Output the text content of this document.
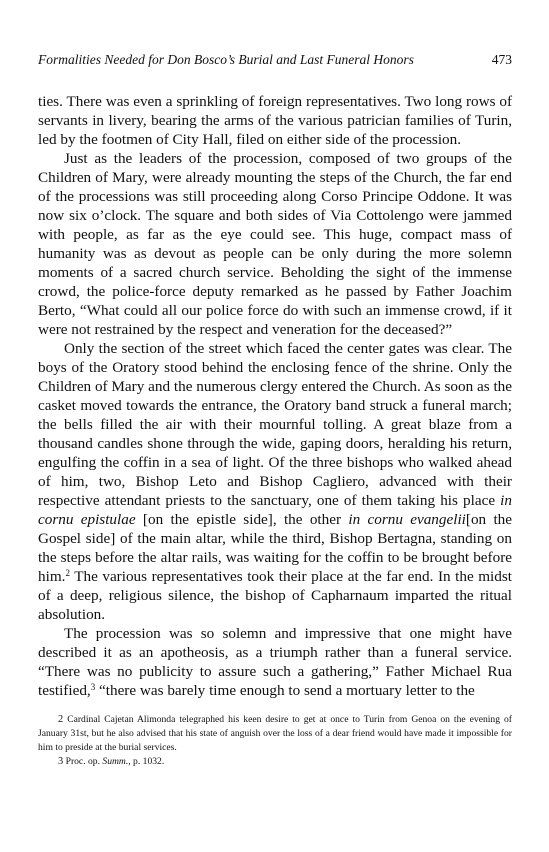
Formalities Needed for Don Bosco’s Burial and Last Funeral Honors	473

ties. There was even a sprinkling of foreign representatives. Two long rows of servants in livery, bearing the arms of the various patrician families of Turin, led by the footmen of City Hall, filed on either side of the procession.

Just as the leaders of the procession, composed of two groups of the Children of Mary, were already mounting the steps of the Church, the far end of the processions was still proceeding along Corso Principe Oddone. It was now six o’clock. The square and both sides of Via Cottolengo were jammed with people, as far as the eye could see. This huge, compact mass of humanity was as devout as people can be only during the more solemn moments of a sacred church service. Beholding the sight of the immense crowd, the police-force deputy remarked as he passed by Father Joachim Berto, “What could all our police force do with such an immense crowd, if it were not restrained by the respect and veneration for the deceased?”

Only the section of the street which faced the center gates was clear. The boys of the Oratory stood behind the enclosing fence of the shrine. Only the Children of Mary and the numerous clergy entered the Church. As soon as the casket moved towards the entrance, the Oratory band struck a funeral march; the bells filled the air with their mournful tolling. A great blaze from a thousand candles shone through the wide, gaping doors, heralding his return, engulfing the coffin in a sea of light. Of the three bishops who walked ahead of him, two, Bishop Leto and Bishop Cagliero, advanced with their respective attendant priests to the sanctuary, one of them taking his place in cornu epistulae [on the epistle side], the other in cornu evangelii[on the Gospel side] of the main altar, while the third, Bishop Bertagna, standing on the steps before the altar rails, was waiting for the coffin to be brought before him.$^2$ The various representatives took their place at the far end. In the midst of a deep, religious silence, the bishop of Capharnaum imparted the ritual absolution.

The procession was so solemn and impressive that one might have described it as an apotheosis, as a triumph rather than a funeral service. “There was no publicity to assure such a gathering,” Father Michael Rua testified,$^3$ “there was barely time enough to send a mortuary letter to the

2 Cardinal Cajetan Alimonda telegraphed his keen desire to get at once to Turin from Genoa on the evening of January 31st, but he also advised that his state of anguish over the loss of a dear friend would have made it impossible for him to preside at the burial services.

3 Proc. op. Summ., p. 1032.
